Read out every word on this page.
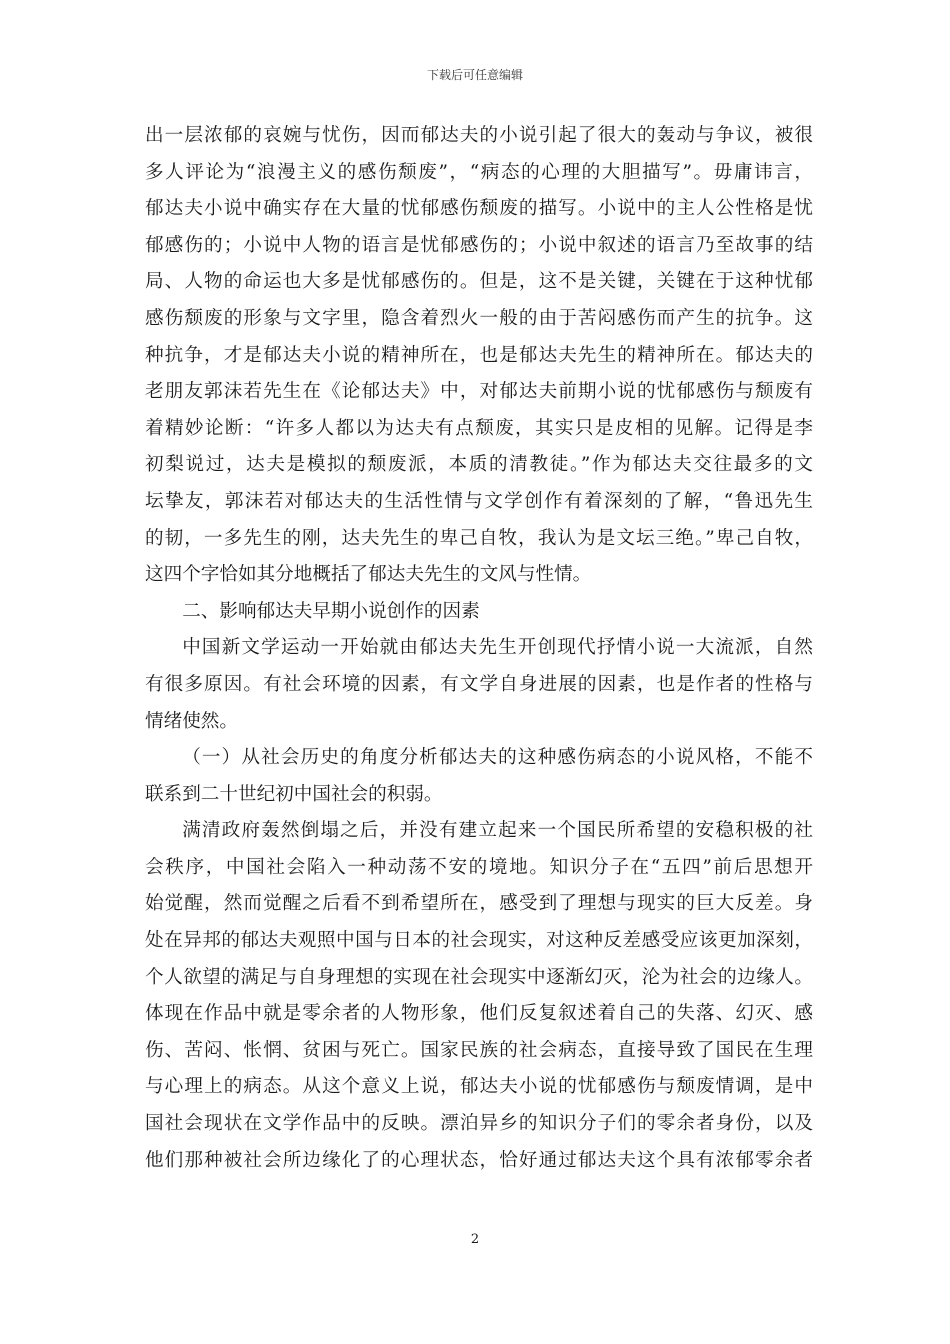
下载后可任意编辑
出一层浓郁的哀婉与忧伤，因而郁达夫的小说引起了很大的轰动与争议，被很
多人评论为“浪漫主义的感伤颓废”，“病态的心理的大胆描写”。毋庸讳言，
郁达夫小说中确实存在大量的忧郁感伤颓废的描写。小说中的主人公性格是忧
郁感伤的；小说中人物的语言是忧郁感伤的；小说中叙述的语言乃至故事的结
局、人物的命运也大多是忧郁感伤的。但是，这不是关键，关键在于这种忧郁
感伤颓废的形象与文字里，隐含着烈火一般的由于苦闷感伤而产生的抗争。这
种抗争，才是郁达夫小说的精神所在，也是郁达夫先生的精神所在。郁达夫的
老朋友郭沫若先生在《论郁达夫》中，对郁达夫前期小说的忧郁感伤与颓废有
着精妙论断：“许多人都以为达夫有点颓废，其实只是皮相的见解。记得是李
初梨说过，达夫是模拟的颓废派，本质的清教徒。”作为郁达夫交往最多的文
坛挚友，郭沫若对郁达夫的生活性情与文学创作有着深刻的了解，“鲁迅先生
的韧，一多先生的刚，达夫先生的卑己自牧，我认为是文坛三绝。”卑己自牧，
这四个字恰如其分地概括了郁达夫先生的文风与性情。
二、影响郁达夫早期小说创作的因素
中国新文学运动一开始就由郁达夫先生开创现代抒情小说一大流派，自然
有很多原因。有社会环境的因素，有文学自身进展的因素，也是作者的性格与
情绪使然。
（一）从社会历史的角度分析郁达夫的这种感伤病态的小说风格，不能不
联系到二十世纪初中国社会的积弱。
满清政府轰然倒塌之后，并没有建立起来一个国民所希望的安稳积极的社
会秩序，中国社会陷入一种动荡不安的境地。知识分子在“五四”前后思想开
始觉醒，然而觉醒之后看不到希望所在，感受到了理想与现实的巨大反差。身
处在异邦的郁达夫观照中国与日本的社会现实，对这种反差感受应该更加深刻，
个人欲望的满足与自身理想的实现在社会现实中逐渐幻灭，沦为社会的边缘人。
体现在作品中就是零余者的人物形象，他们反复叙述着自己的失落、幻灭、感
伤、苦闷、怅惘、贫困与死亡。国家民族的社会病态，直接导致了国民在生理
与心理上的病态。从这个意义上说，郁达夫小说的忧郁感伤与颓废情调，是中
国社会现状在文学作品中的反映。漂泊异乡的知识分子们的零余者身份，以及
他们那种被社会所边缘化了的心理状态，恰好通过郁达夫这个具有浓郁零余者
2
